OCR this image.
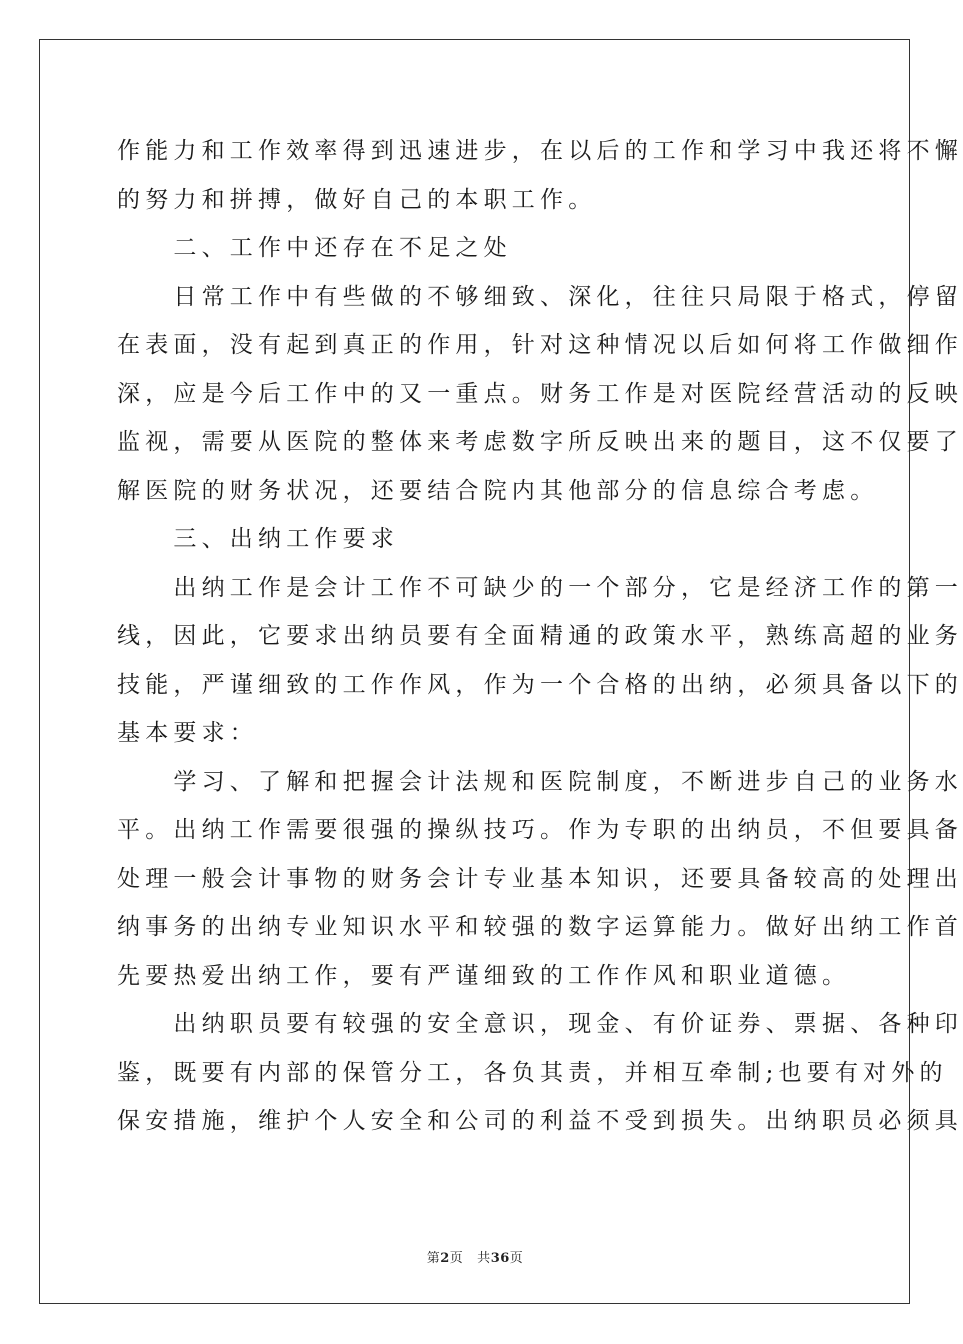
作能力和工作效率得到迅速进步，在以后的工作和学习中我还将不懈
的努力和拼搏，做好自己的本职工作。
　　二、工作中还存在不足之处
　　日常工作中有些做的不够细致、深化，往往只局限于格式，停留
在表面，没有起到真正的作用，针对这种情况以后如何将工作做细作
深，应是今后工作中的又一重点。财务工作是对医院经营活动的反映
监视，需要从医院的整体来考虑数字所反映出来的题目，这不仅要了
解医院的财务状况，还要结合院内其他部分的信息综合考虑。
　　三、出纳工作要求
　　出纳工作是会计工作不可缺少的一个部分，它是经济工作的第一
线，因此，它要求出纳员要有全面精通的政策水平，熟练高超的业务
技能，严谨细致的工作作风，作为一个合格的出纳，必须具备以下的
基本要求：
　　学习、了解和把握会计法规和医院制度，不断进步自己的业务水
平。出纳工作需要很强的操纵技巧。作为专职的出纳员，不但要具备
处理一般会计事物的财务会计专业基本知识，还要具备较高的处理出
纳事务的出纳专业知识水平和较强的数字运算能力。做好出纳工作首
先要热爱出纳工作，要有严谨细致的工作作风和职业道德。
　　出纳职员要有较强的安全意识，现金、有价证券、票据、各种印
鉴，既要有内部的保管分工，各负其责，并相互牵制;也要有对外的
保安措施，维护个人安全和公司的利益不受到损失。出纳职员必须具
第2页 共36页
